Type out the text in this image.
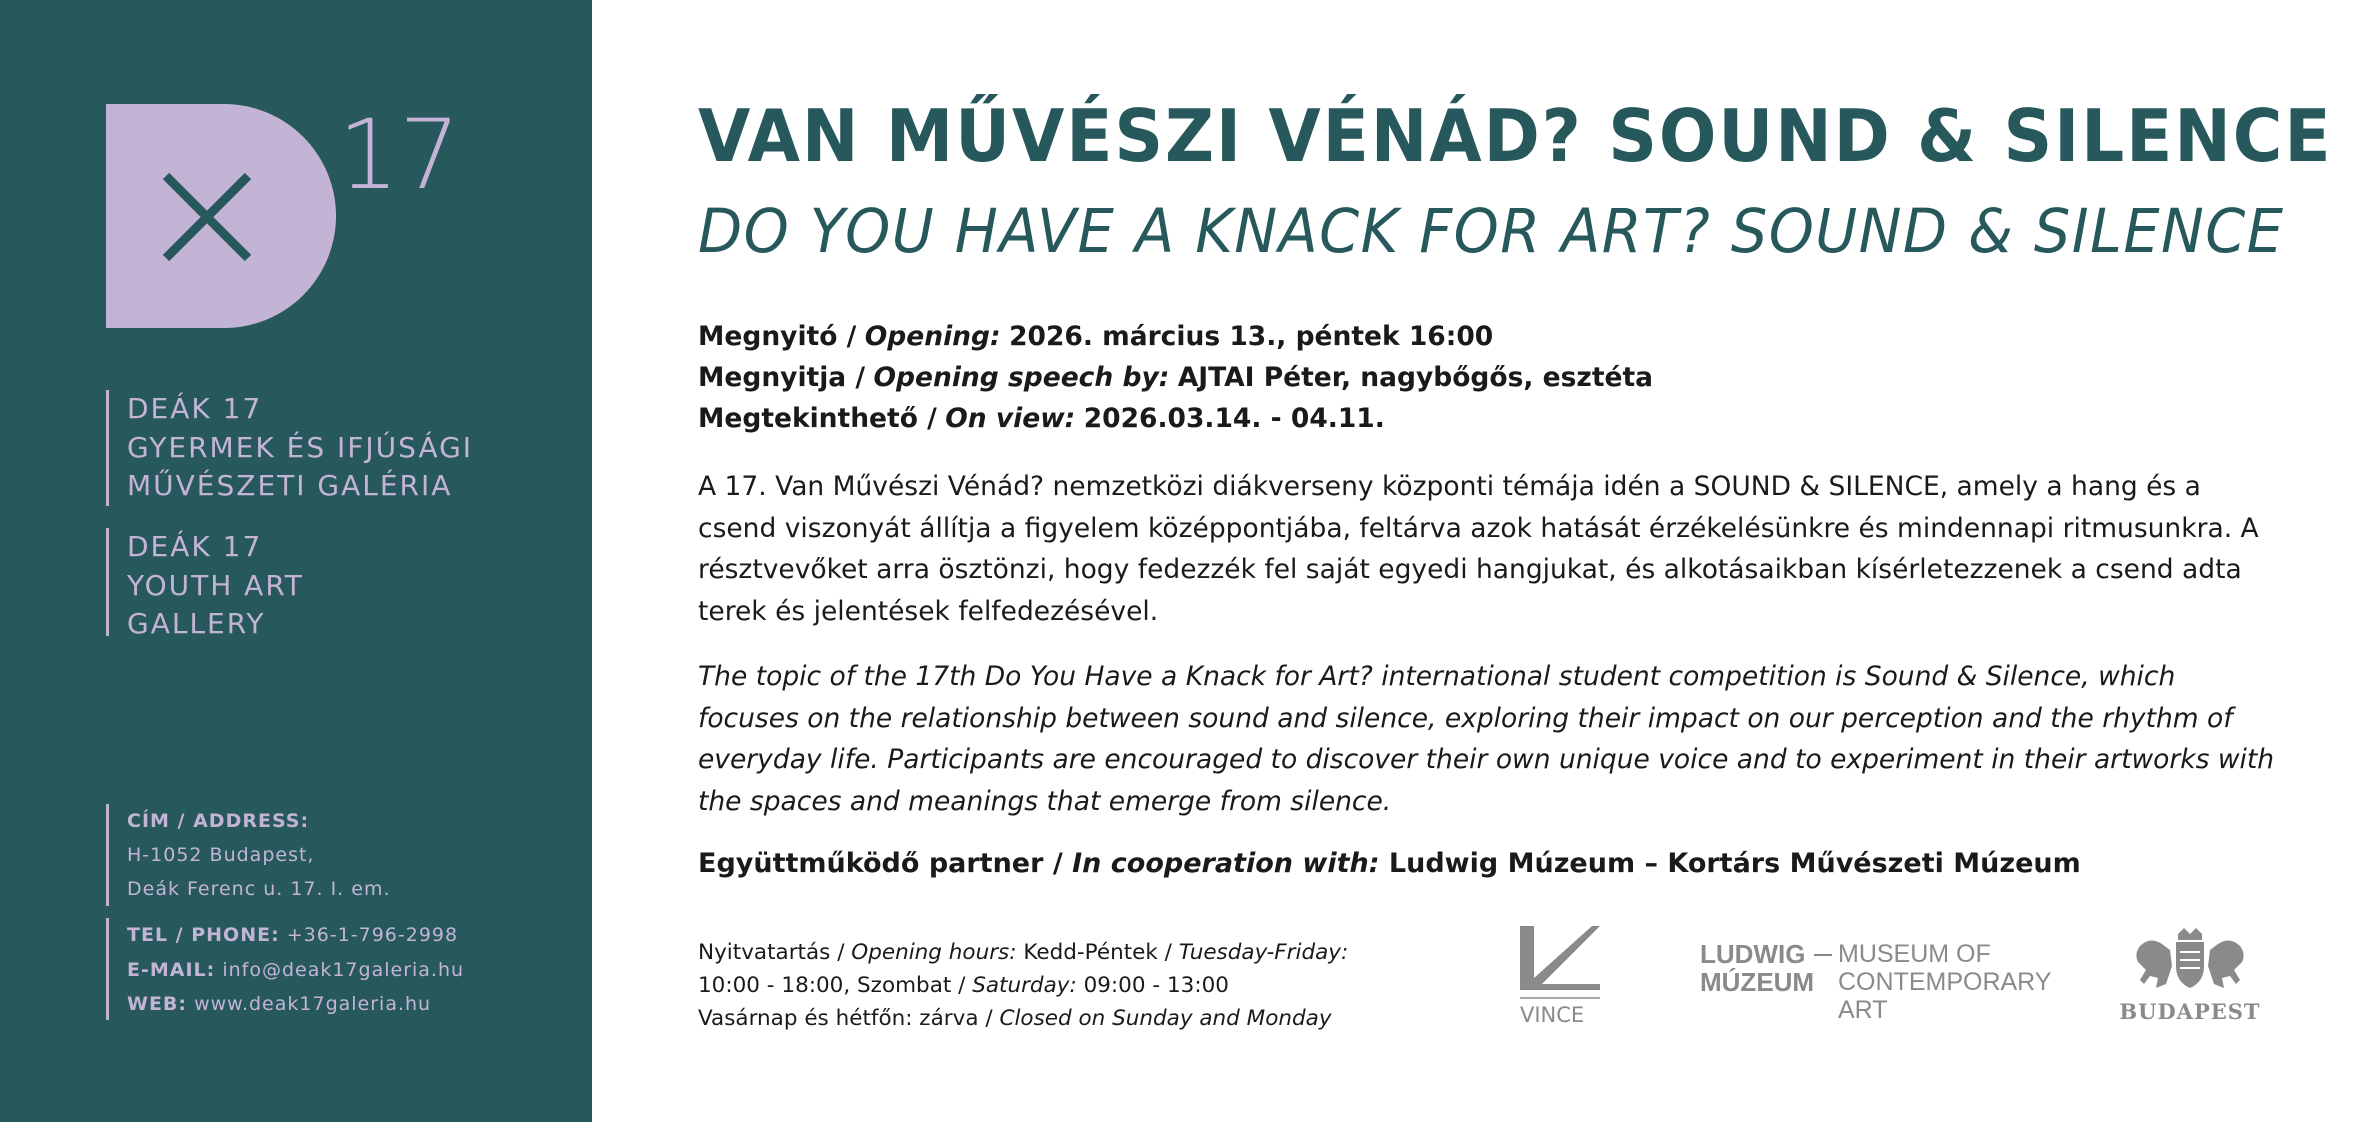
17
DEÁK 17
GYERMEK ÉS IFJÚSÁGI
MŰVÉSZETI GALÉRIA
DEÁK 17
YOUTH ART
GALLERY
CÍM / ADDRESS:
H-1052 Budapest,
Deák Ferenc u. 17. I. em.
TEL / PHONE: +36-1-796-2998
E-MAIL: info@deak17galeria.hu
WEB: www.deak17galeria.hu
VAN MŰVÉSZI VÉNÁD? SOUND & SILENCE
DO YOU HAVE A KNACK FOR ART? SOUND & SILENCE
Megnyitó / Opening: 2026. március 13., péntek 16:00
Megnyitja / Opening speech by: AJTAI Péter, nagybőgős, esztéta
Megtekinthető / On view: 2026.03.14. - 04.11.
A 17. Van Művészi Vénád? nemzetközi diákverseny központi témája idén a SOUND & SILENCE, amely a hang és a csend viszonyát állítja a figyelem középpontjába, feltárva azok hatását érzékelésünkre és mindennapi ritmusunkra. A résztvevőket arra ösztönzi, hogy fedezzék fel saját egyedi hangjukat, és alkotásaikban kísérletezzenek a csend adta terek és jelentések felfedezésével.
The topic of the 17th Do You Have a Knack for Art? international student competition is Sound & Silence, which focuses on the relationship between sound and silence, exploring their impact on our perception and the rhythm of everyday life. Participants are encouraged to discover their own unique voice and to experiment in their artworks with the spaces and meanings that emerge from silence.
Együttműködő partner / In cooperation with: Ludwig Múzeum – Kortárs Művészeti Múzeum
Nyitvatartás / Opening hours: Kedd-Péntek / Tuesday-Friday:
10:00 - 18:00, Szombat / Saturday: 09:00 - 13:00
Vasárnap és hétfőn: zárva / Closed on Sunday and Monday	VINCE
LUDWIG
MÚZEUM
MUSEUM OF
CONTEMPORARY
ART	BUDAPEST
